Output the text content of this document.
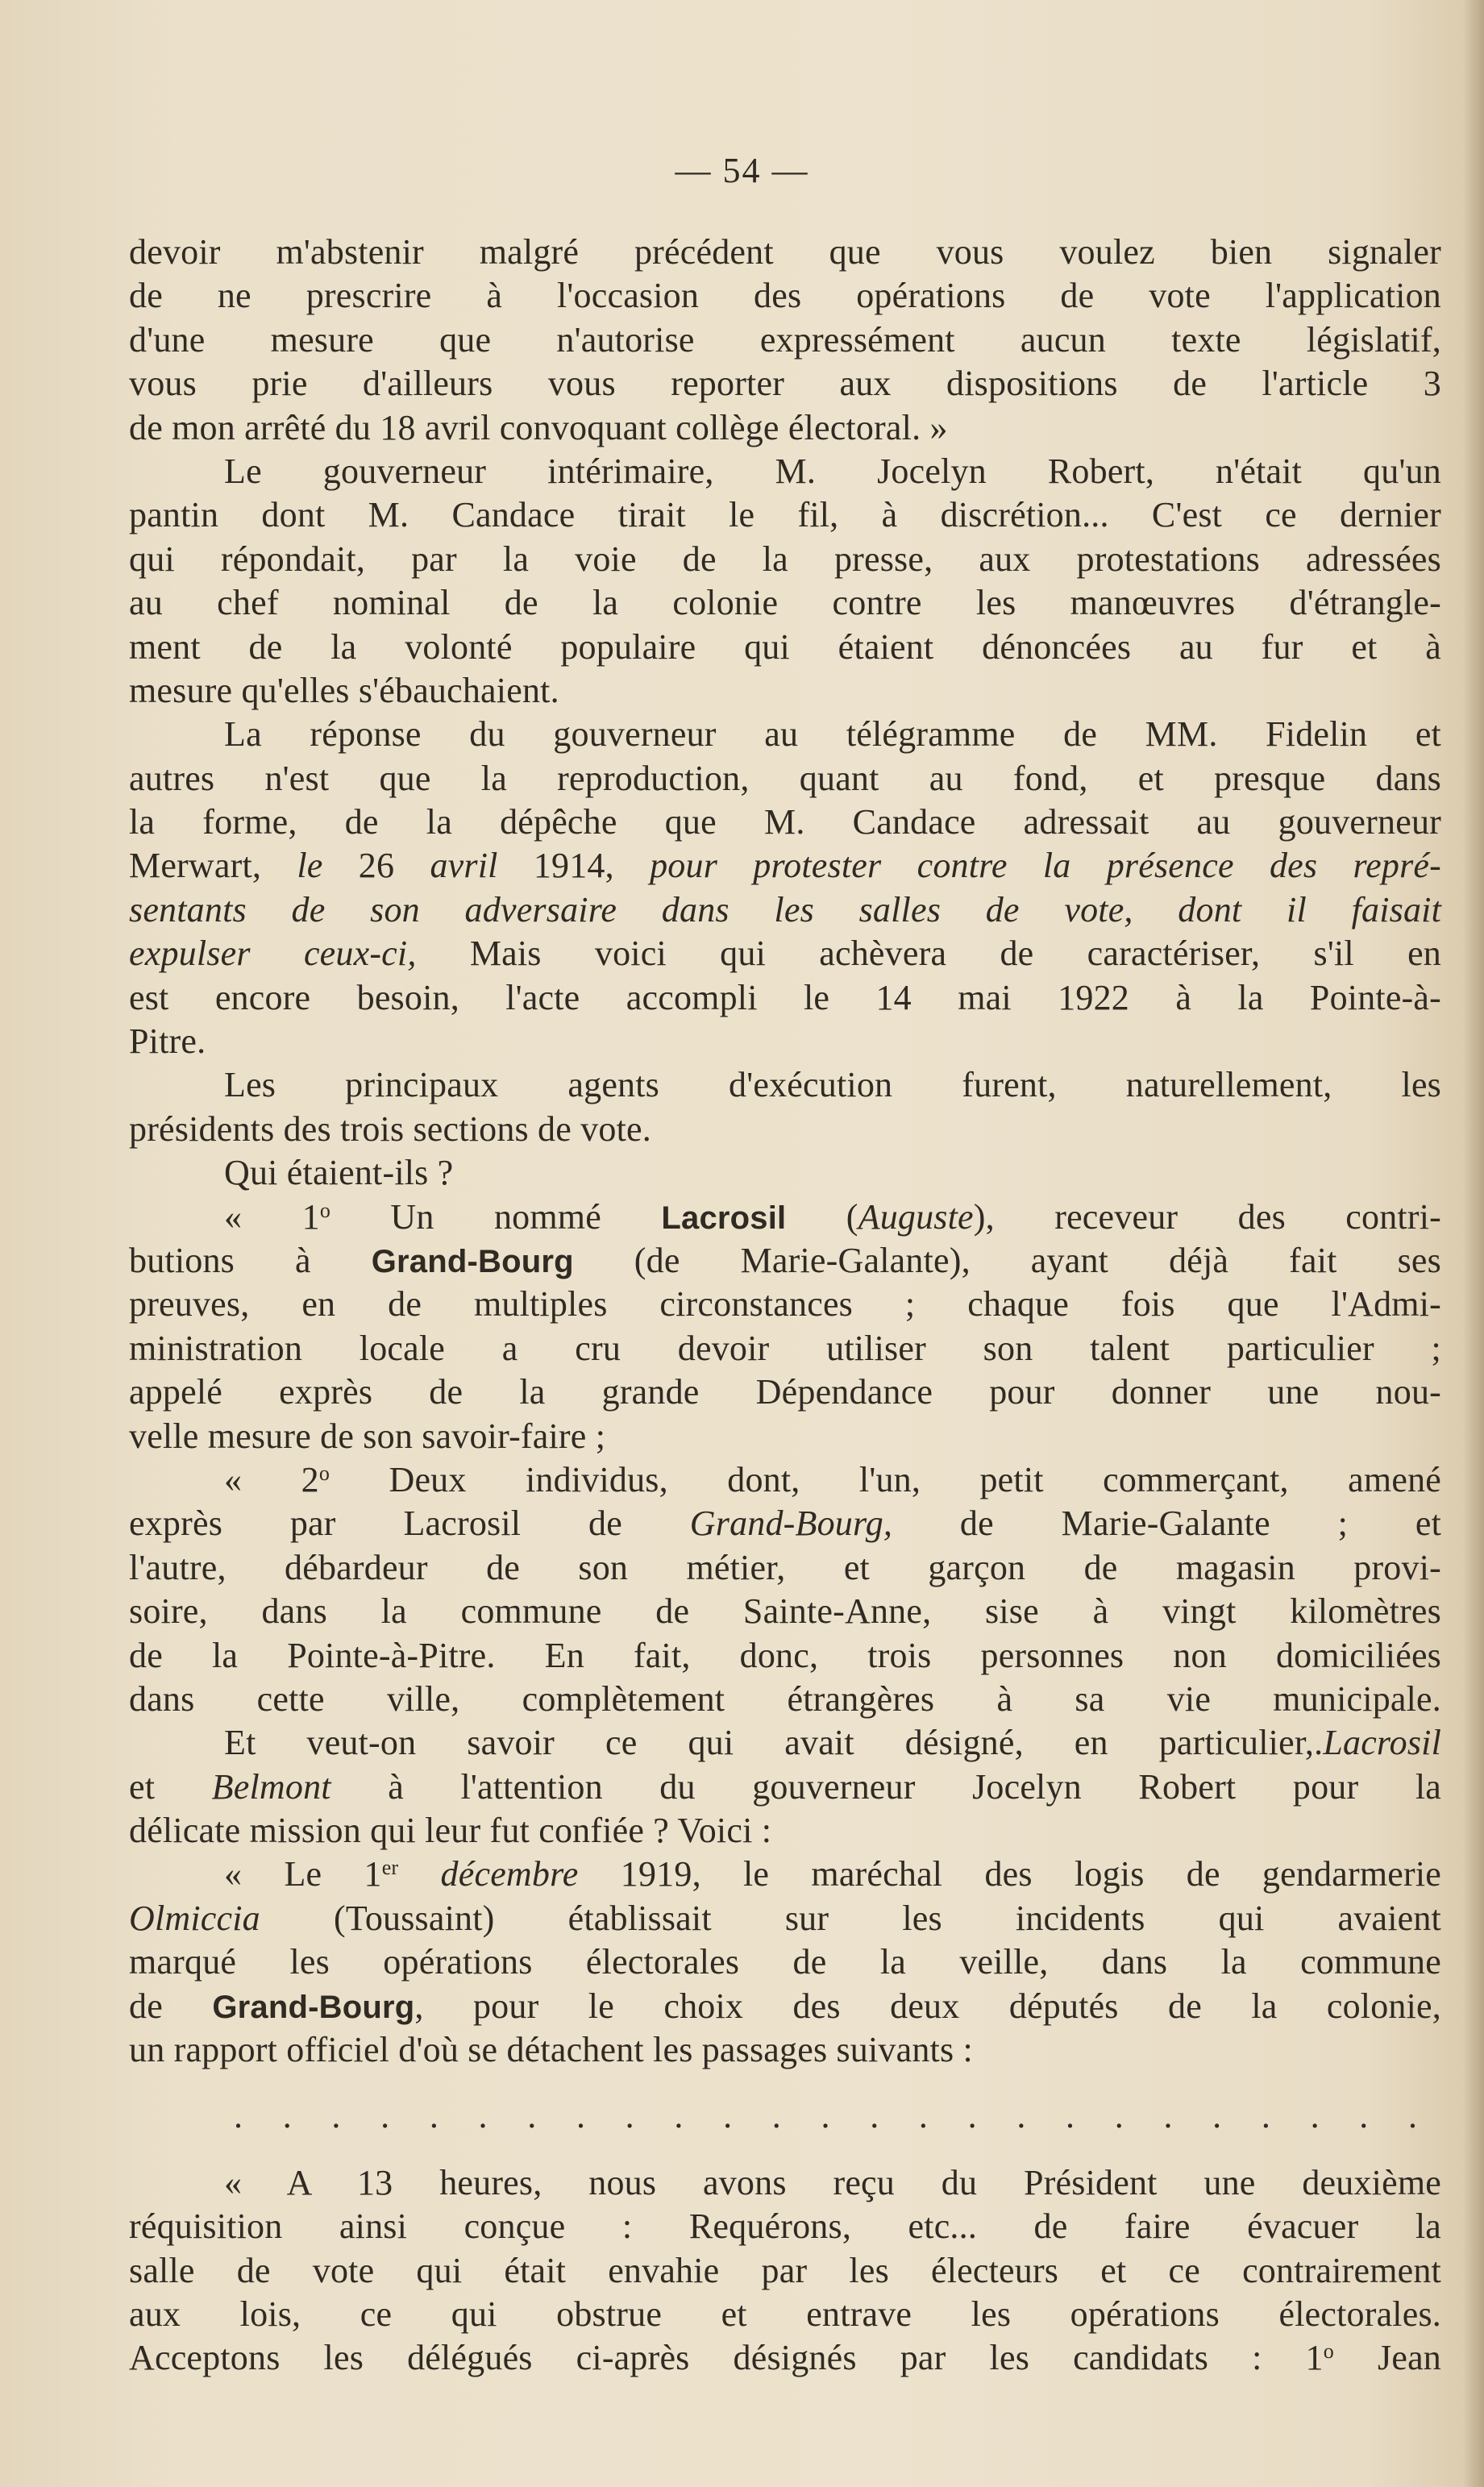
— 54 —
devoir m'abstenir malgré précédent que vous voulez bien signaler
de ne prescrire à l'occasion des opérations de vote l'application
d'une mesure que n'autorise expressément aucun texte législatif,
vous prie d'ailleurs vous reporter aux dispositions de l'article 3
de mon arrêté du 18 avril convoquant collège électoral. »
Le gouverneur intérimaire, M. Jocelyn Robert, n'était qu'un
pantin dont M. Candace tirait le fil, à discrétion... C'est ce dernier
qui répondait, par la voie de la presse, aux protestations adressées
au chef nominal de la colonie contre les manœuvres d'étrangle-
ment de la volonté populaire qui étaient dénoncées au fur et à
mesure qu'elles s'ébauchaient.
La réponse du gouverneur au télégramme de MM. Fidelin et
autres n'est que la reproduction, quant au fond, et presque dans
la forme, de la dépêche que M. Candace adressait au gouverneur
Merwart, le 26 avril 1914, pour protester contre la présence des repré-
sentants de son adversaire dans les salles de vote, dont il faisait
expulser ceux-ci, Mais voici qui achèvera de caractériser, s'il en
est encore besoin, l'acte accompli le 14 mai 1922 à la Pointe-à-
Pitre.
Les principaux agents d'exécution furent, naturellement, les
présidents des trois sections de vote.
Qui étaient-ils ?
« 1$^o$ Un nommé Lacrosil (Auguste), receveur des contri-
butions à Grand-Bourg (de Marie-Galante), ayant déjà fait ses
preuves, en de multiples circonstances ; chaque fois que l'Admi-
ministration locale a cru devoir utiliser son talent particulier ;
appelé exprès de la grande Dépendance pour donner une nou-
velle mesure de son savoir-faire ;
« 2$^o$ Deux individus, dont, l'un, petit commerçant, amené
exprès par Lacrosil de Grand-Bourg, de Marie-Galante ; et
l'autre, débardeur de son métier, et garçon de magasin provi-
soire, dans la commune de Sainte-Anne, sise à vingt kilomètres
de la Pointe-à-Pitre. En fait, donc, trois personnes non domiciliées
dans cette ville, complètement étrangères à sa vie municipale.
Et veut-on savoir ce qui avait désigné, en particulier,.Lacrosil
et Belmont à l'attention du gouverneur Jocelyn Robert pour la
délicate mission qui leur fut confiée ? Voici :
« Le 1er décembre 1919, le maréchal des logis de gendarmerie
Olmiccia (Toussaint) établissait sur les incidents qui avaient
marqué les opérations électorales de la veille, dans la commune
de Grand-Bourg, pour le choix des deux députés de la colonie,
un rapport officiel d'où se détachent les passages suivants :
. . . . . . . . . . . . . . . . . . . . . . . . .
« A 13 heures, nous avons reçu du Président une deuxième
réquisition ainsi conçue : Requérons, etc... de faire évacuer la
salle de vote qui était envahie par les électeurs et ce contrairement
aux lois, ce qui obstrue et entrave les opérations électorales.
Acceptons les délégués ci-après désignés par les candidats : 1$^o$ Jean
